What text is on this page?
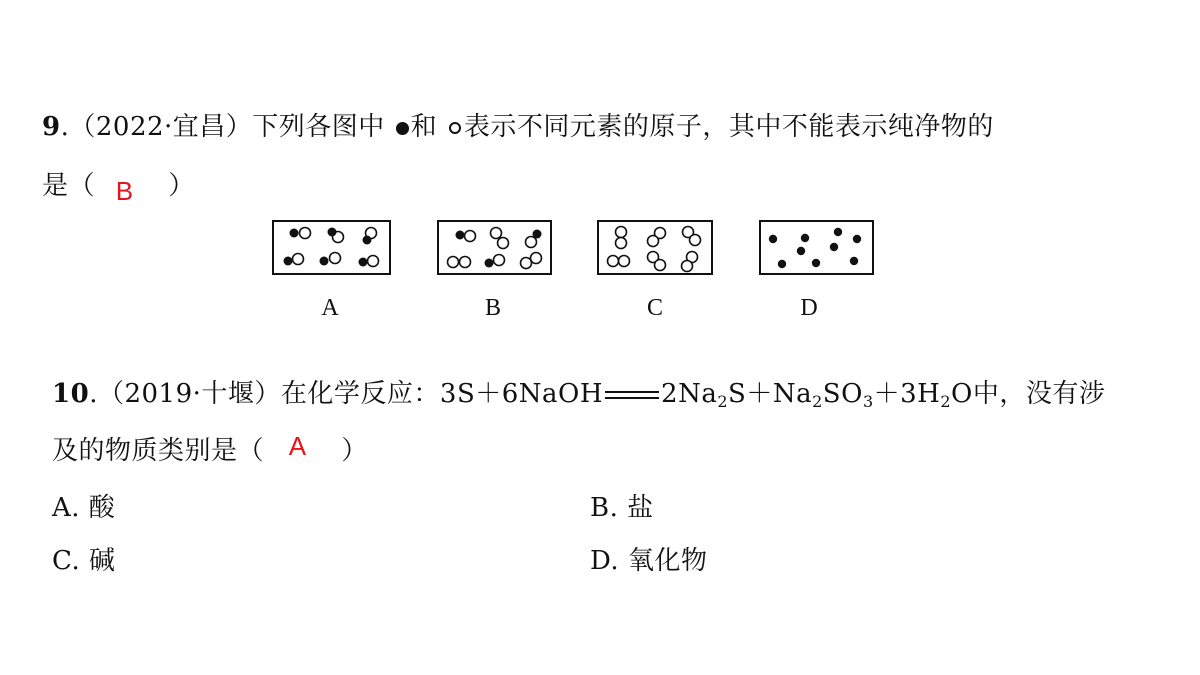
9.（2022·宜昌）下列各图中 和 表示不同元素的原子，其中不能表示纯净物的
是（ B ）
A	B	C	D
10.（2019·十堰）在化学反应：3S＋6NaOH $2Na_2S+Na_2SO_3+3H_2O$中，没有涉
及的物质类别是（ A ）
A. 酸	B. 盐
C. 碱	D. 氧化物
